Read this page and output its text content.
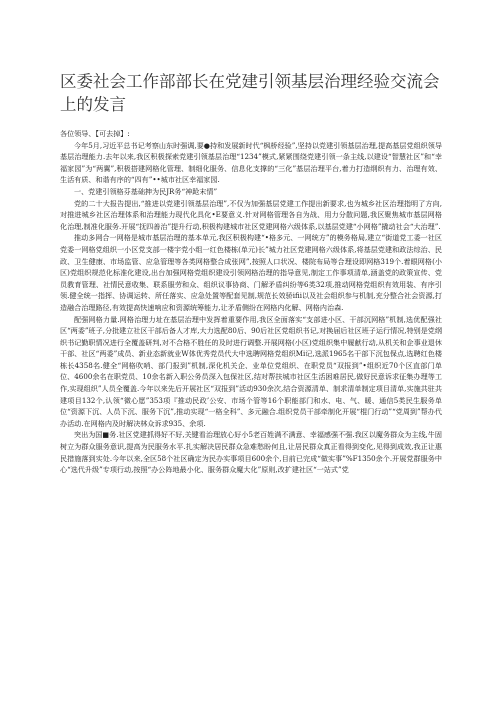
区委社会工作部部长在党建引领基层治理经验交流会上的发言

各位领导、【可去掉】:

今年5月,习近平总书记考察山东时强调,要●持和发展新时代“枫桥经验”,坚持以党建引领基层治理,提高基层党组织领导基层治理能力.去年以来,我区积极探索党建引领基层治理“1234”模式,紧紧围绕党建引领一条主线,以建设“智慧社区”和“幸福家园”为“两翼”,积极搭建网格化管理、制细化服务、信息化支撑的“三化”基层治理平台,着力打造纲织有力、治理有效、生活有质、和谐有序的“四有”••城市社区幸福家园.

一、党建引领格芬基础抻为民JR务“神跄末情”

党的二十大报告提出,“推进以党建引领基层治理”,不仅为加强基层党建工作提出新要求,也为城乡社区治理指明了方向,对推进城乡社区治理体系和治理能力现代化具化•E要意义.针对网格管理各自为战、用力分散问题,我区聚焦城市基层网格化治理,制准化服务.开展“抚四善治”提升行动,积极构建城市社区党建网格六级体系,以基层党建“小网格”撬动社会“大治理”.

推动多网合一网格是城市基层治理的基本单元,我区积极构建“•格多元、一网统方”的模务格局,建立“街道党工委一社区党委一网格党组织一小区党支部一楼宇党小组一红色楼栋(单元)长”城力社区党建网格六级体系,将基层党建和政法综治、民政、卫生健康、市场监管、应急管理等各类网格整合成张网”,按照人口状况、楼院布局等合理设即网格319个.着眼网格(小区)党组织规范化标准化建设,出台加强网格党组织建设引领网格治理的指导意见,制定工作事项清单,涵盖党的政策宣传、党员教育管理、社情民意收集、联系服劳和众、组织议事协商、门解矛盾纠纷等6类32项,推动网格党组织有效用装、有序引领.健全统一指挥、协调运转、所任落实、应急处置等配套见制,规范长效骄ifii以及社会组织参与机制,充分整合社会资源,打造融合治理路径,有效提高快速响应和资源统筹能力,让矛盾侧纷在网格内化解、网格内治森.

配强网格力量.网格治理力址在基层治理中发挥着重要作用,我区全面落实“支部进小区、干部沉网格”机制,选优配强社区“两委”班子,分批建立社区干部后备人才库,大力选配80后、90后社区党组织书记,对换届后社区班子运行情况,特别是党纲织书记勤职情况进行全覆盖研判,对不合格不胜任的及时进行调整.开展网格(小区)党组织集中履献行动,从机关和企事业退休干部、社区“两委”成员、新业态新就业W体优秀党员代大中选聘网格党组织Mi记,选派1965名干部下沉包保点,选聘红色楼栋长4358名.健全“网格吹哨、部门报到”机制,深化机关企、业单位党组织、在职党员“双报到”•组织近70个区直部门单位、4600余名在职党员、10余名新入职公务员深入包保社区,结对帮扶城市社区生活困难居民,做好民意诉求征集办理等工作,实现组织”人员全覆盖.今年以来先后开展社区“双报到”活动930余次,结合资源清单、制求清单制定项目清单,实施共驻共建项目132个,认领“微心愿”353项『推动民政’公安、市场个管等16个职能部门和水、电、气、暖、通信5类民生服务单位“资源下沉、人员下沉、服务下沉”,推动实现“一格全科”、多元融合.组织党员干部牵制化开展“棍门行动”“党周到”帮办代办活动.在网格内及时解决林众诉求935、余项.

突出为国■务.社区党建抓得好不好,关键看治理放心好小5老百姓满不满意、幸福感强不强.我区以魔务群众为主线,牛固树立为群众服务意识,提高为民服务水平.扎实解决居民群众急难愁盼何且,让居民群众真正看得到变化,见得到成效,我正让惠民措施落到实处.今年以来,全区58个社区确定为民办实事项目600余个,目前已完成“做实事”%F1350余个.开展党群服务中心“选代升级”专项行动,按照“办公阵地最小化、服务群众魔大化”原则,改扩建社区“一站式”党
